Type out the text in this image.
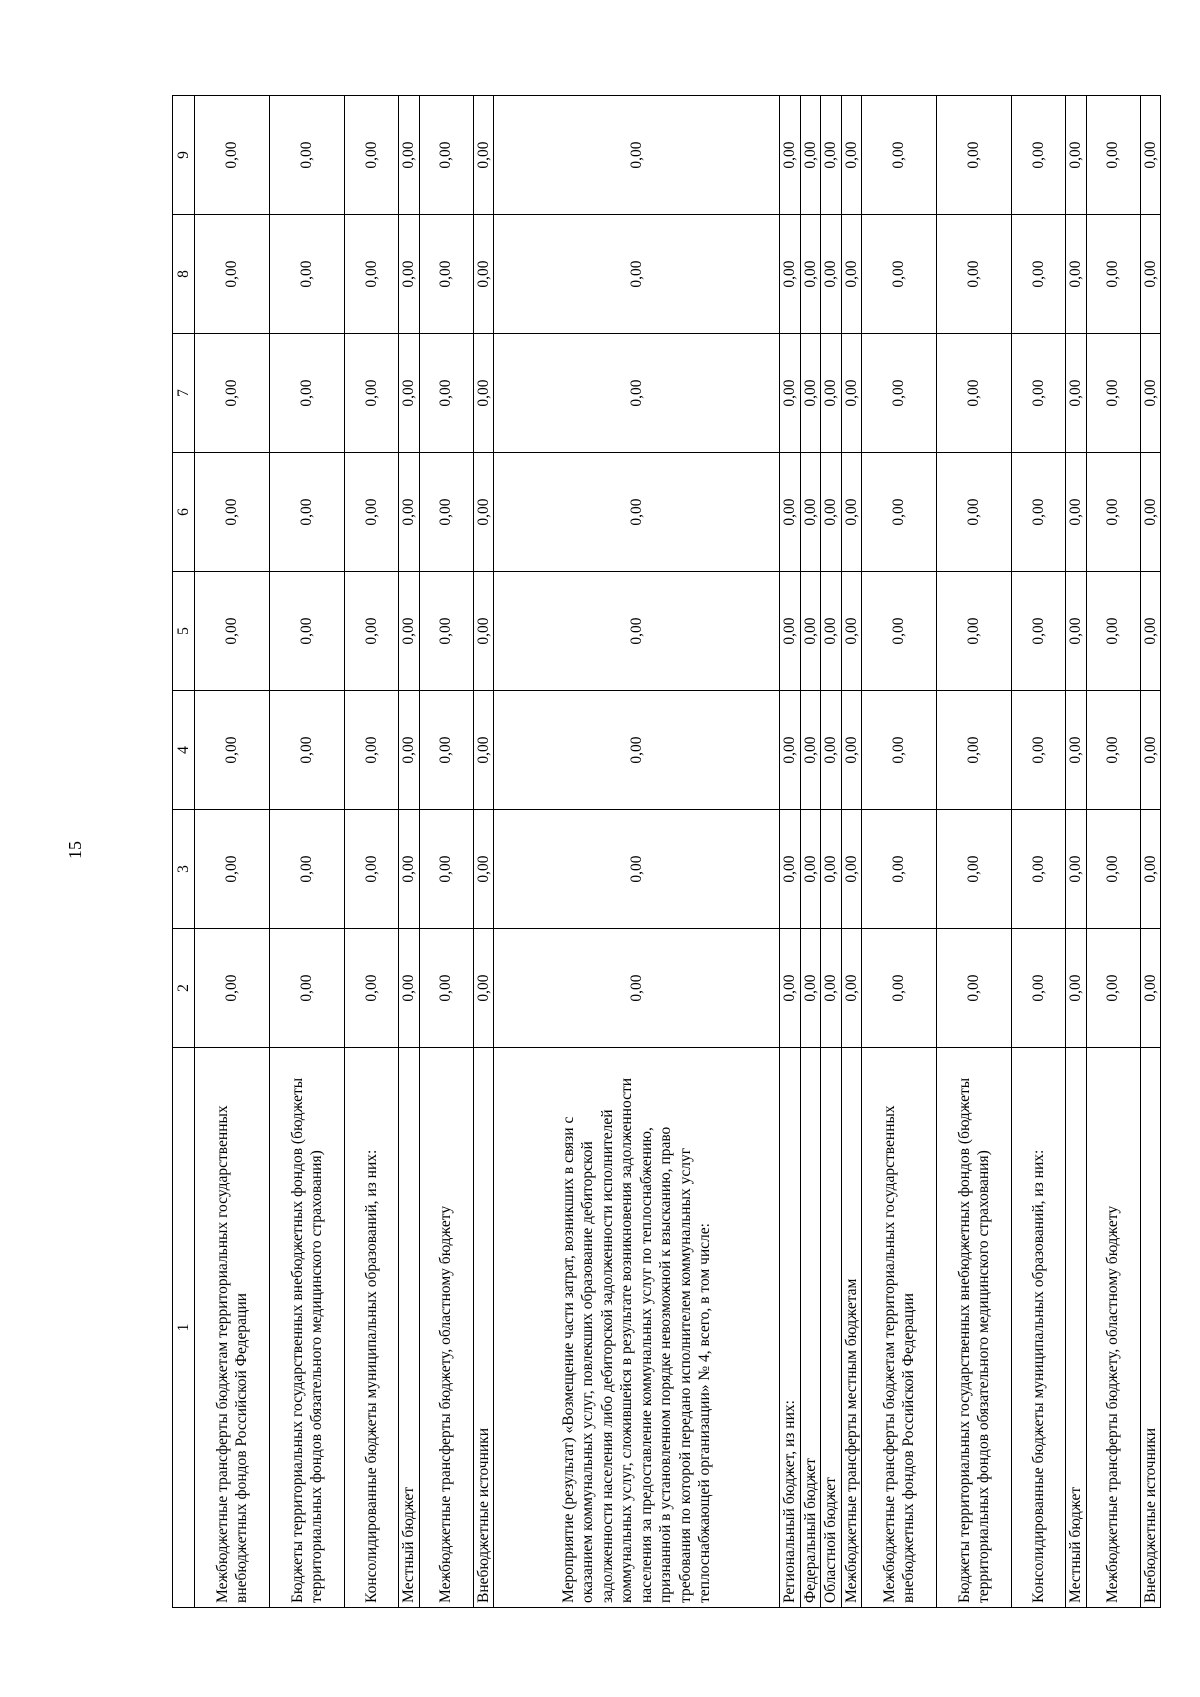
15
1	2	3	4	5	6	7	8	9
Межбюджетные трансферты бюджетам территориальных государственных внебюджетных фондов Российской Федерации	0,00	0,00	0,00	0,00	0,00	0,00	0,00	0,00
Бюджеты территориальных государственных внебюджетных фондов (бюджеты территориальных фондов обязательного медицинского страхования)	0,00	0,00	0,00	0,00	0,00	0,00	0,00	0,00
Консолидированные бюджеты муниципальных образований, из них:	0,00	0,00	0,00	0,00	0,00	0,00	0,00	0,00
Местный бюджет	0,00	0,00	0,00	0,00	0,00	0,00	0,00	0,00
Межбюджетные трансферты бюджету, областному бюджету	0,00	0,00	0,00	0,00	0,00	0,00	0,00	0,00
Внебюджетные источники	0,00	0,00	0,00	0,00	0,00	0,00	0,00	0,00
Мероприятие (результат) «Возмещение части затрат, возникших в связи с оказанием коммунальных услуг, повлекших образование дебиторской задолженности населения либо дебиторской задолженности исполнителей коммунальных услуг, сложившейся в результате возникновения задолженности населения за предоставление коммунальных услуг по теплоснабжению, признанной в установленном порядке невозможной к взысканию, право требования по которой передано исполнителем коммунальных услуг теплоснабжающей организации» № 4, всего, в том числе:	0,00	0,00	0,00	0,00	0,00	0,00	0,00	0,00
Региональный бюджет, из них:	0,00	0,00	0,00	0,00	0,00	0,00	0,00	0,00
Федеральный бюджет	0,00	0,00	0,00	0,00	0,00	0,00	0,00	0,00
Областной бюджет	0,00	0,00	0,00	0,00	0,00	0,00	0,00	0,00
Межбюджетные трансферты местным бюджетам	0,00	0,00	0,00	0,00	0,00	0,00	0,00	0,00
Межбюджетные трансферты бюджетам территориальных государственных внебюджетных фондов Российской Федерации	0,00	0,00	0,00	0,00	0,00	0,00	0,00	0,00
Бюджеты территориальных государственных внебюджетных фондов (бюджеты территориальных фондов обязательного медицинского страхования)	0,00	0,00	0,00	0,00	0,00	0,00	0,00	0,00
Консолидированные бюджеты муниципальных образований, из них:	0,00	0,00	0,00	0,00	0,00	0,00	0,00	0,00
Местный бюджет	0,00	0,00	0,00	0,00	0,00	0,00	0,00	0,00
Межбюджетные трансферты бюджету, областному бюджету	0,00	0,00	0,00	0,00	0,00	0,00	0,00	0,00
Внебюджетные источники	0,00	0,00	0,00	0,00	0,00	0,00	0,00	0,00
